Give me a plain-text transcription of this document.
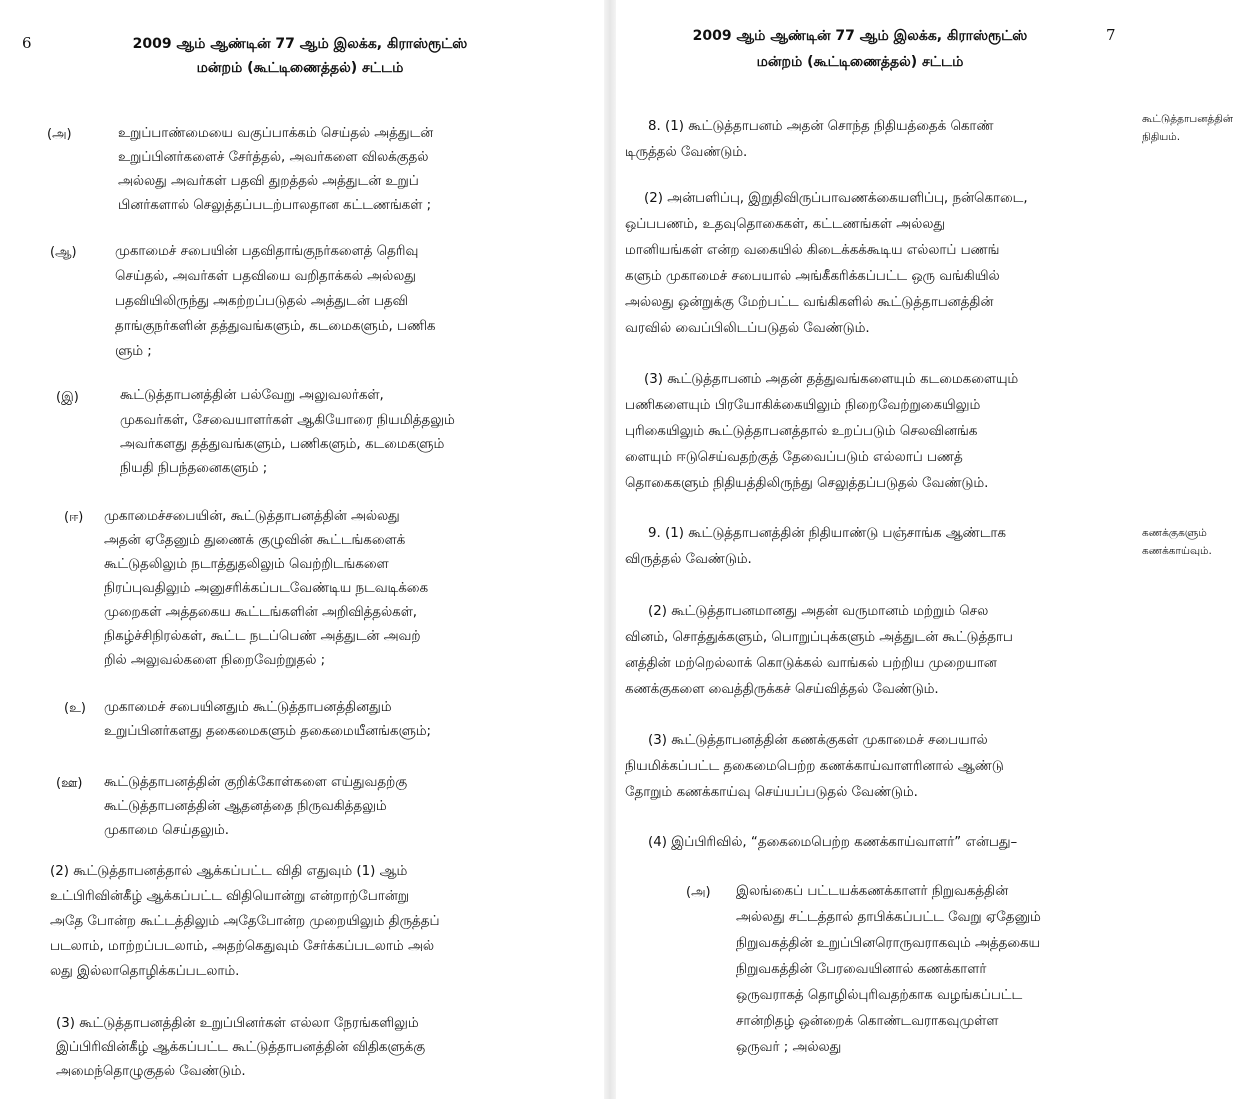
6	2009 ஆம் ஆண்டின் 77 ஆம் இலக்க, கிராஸ்ரூட்ஸ்
மன்றம் (கூட்டிணைத்தல்) சட்டம்
(அ)	உறுப்பாண்மையை வகுப்பாக்கம் செய்தல் அத்துடன்
உறுப்பினர்களைச் சேர்த்தல், அவர்களை விலக்குதல்
அல்லது அவர்கள் பதவி துறத்தல் அத்துடன் உறுப்
பினர்களால் செலுத்தப்படற்பாலதான கட்டணங்கள் ;
(ஆ)	முகாமைச் சபையின் பதவிதாங்குநர்களைத் தெரிவு
செய்தல், அவர்கள் பதவியை வறிதாக்கல் அல்லது
பதவியிலிருந்து அகற்றப்படுதல் அத்துடன் பதவி
தாங்குநர்களின் தத்துவங்களும், கடமைகளும், பணிக
ளும் ;
(இ)	கூட்டுத்தாபனத்தின் பல்வேறு அலுவலர்கள்,
முகவர்கள், சேவையாளர்கள் ஆகியோரை நியமித்தலும்
அவர்களது தத்துவங்களும், பணிகளும், கடமைகளும்
நியதி நிபந்தனைகளும் ;
(ஈ) முகாமைச்சபையின், கூட்டுத்தாபனத்தின் அல்லது
அதன் ஏதேனும் துணைக் குழுவின் கூட்டங்களைக்
கூட்டுதலிலும் நடாத்துதலிலும் வெற்றிடங்களை
நிரப்புவதிலும் அனுசரிக்கப்படவேண்டிய நடவடிக்கை
முறைகள் அத்தகைய கூட்டங்களின் அறிவித்தல்கள்,
நிகழ்ச்சிநிரல்கள், கூட்ட நடப்பெண் அத்துடன் அவற்
றில் அலுவல்களை நிறைவேற்றுதல் ;
(உ) முகாமைச் சபையினதும் கூட்டுத்தாபனத்தினதும்
உறுப்பினர்களது தகைமைகளும் தகைமையீனங்களும்;
(ஊ) கூட்டுத்தாபனத்தின் குறிக்கோள்களை எய்துவதற்கு
கூட்டுத்தாபனத்தின் ஆதனத்தை நிருவகித்தலும்
முகாமை செய்தலும்.
(2) கூட்டுத்தாபனத்தால் ஆக்கப்பட்ட விதி எதுவும் (1) ஆம்
உட்பிரிவின்கீழ் ஆக்கப்பட்ட விதியொன்று என்றாற்போன்று
அதே போன்ற கூட்டத்திலும் அதேபோன்ற முறையிலும் திருத்தப்
படலாம், மாற்றப்படலாம், அதற்கெதுவும் சேர்க்கப்படலாம் அல்
லது இல்லாதொழிக்கப்படலாம்.
(3) கூட்டுத்தாபனத்தின் உறுப்பினர்கள் எல்லா நேரங்களிலும்
இப்பிரிவின்கீழ் ஆக்கப்பட்ட கூட்டுத்தாபனத்தின் விதிகளுக்கு
அமைந்தொழுகுதல் வேண்டும்.
2009 ஆம் ஆண்டின் 77 ஆம் இலக்க, கிராஸ்ரூட்ஸ்	7
மன்றம் (கூட்டிணைத்தல்) சட்டம்
கூட்டுத்தாபனத்தின்
நிதியம்.
கணக்குகளும்
கணக்காய்வும்.
8. (1) கூட்டுத்தாபனம் அதன் சொந்த நிதியத்தைக் கொண்
டிருத்தல் வேண்டும்.
(2) அன்பளிப்பு, இறுதிவிருப்பாவணக்கையளிப்பு, நன்கொடை,
ஒப்பபணம், உதவுதொகைகள், கட்டணங்கள் அல்லது
மானியங்கள் என்ற வகையில் கிடைக்கக்கூடிய எல்லாப் பணங்
களும் முகாமைச் சபையால் அங்கீகரிக்கப்பட்ட ஒரு வங்கியில்
அல்லது ஒன்றுக்கு மேற்பட்ட வங்கிகளில் கூட்டுத்தாபனத்தின்
வரவில் வைப்பிலிடப்படுதல் வேண்டும்.
(3) கூட்டுத்தாபனம் அதன் தத்துவங்களையும் கடமைகளையும்
பணிகளையும் பிரயோகிக்கையிலும் நிறைவேற்றுகையிலும்
புரிகையிலும் கூட்டுத்தாபனத்தால் உறப்படும் செலவினங்க
ளையும் ஈடுசெய்வதற்குத் தேவைப்படும் எல்லாப் பணத்
தொகைகளும் நிதியத்திலிருந்து செலுத்தப்படுதல் வேண்டும்.
9. (1) கூட்டுத்தாபனத்தின் நிதியாண்டு பஞ்சாங்க ஆண்டாக
விருத்தல் வேண்டும்.
(2) கூட்டுத்தாபனமானது அதன் வருமானம் மற்றும் செல
வினம், சொத்துக்களும், பொறுப்புக்களும் அத்துடன் கூட்டுத்தாப
னத்தின் மற்றெல்லாக் கொடுக்கல் வாங்கல் பற்றிய முறையான
கணக்குகளை வைத்திருக்கச் செய்வித்தல் வேண்டும்.
(3) கூட்டுத்தாபனத்தின் கணக்குகள் முகாமைச் சபையால்
நியமிக்கப்பட்ட தகைமைபெற்ற கணக்காய்வாளரினால் ஆண்டு
தோறும் கணக்காய்வு செய்யப்படுதல் வேண்டும்.
(4) இப்பிரிவில், “தகைமைபெற்ற கணக்காய்வாளர்” என்பது–
(அ) இலங்கைப் பட்டயக்கணக்காளர் நிறுவகத்தின்
அல்லது சட்டத்தால் தாபிக்கப்பட்ட வேறு ஏதேனும்
நிறுவகத்தின் உறுப்பினரொருவராகவும் அத்தகைய
நிறுவகத்தின் பேரவையினால் கணக்காளர்
ஒருவராகத் தொழில்புரிவதற்காக வழங்கப்பட்ட
சான்றிதழ் ஒன்றைக் கொண்டவராகவுமுள்ள
ஒருவர் ; அல்லது
